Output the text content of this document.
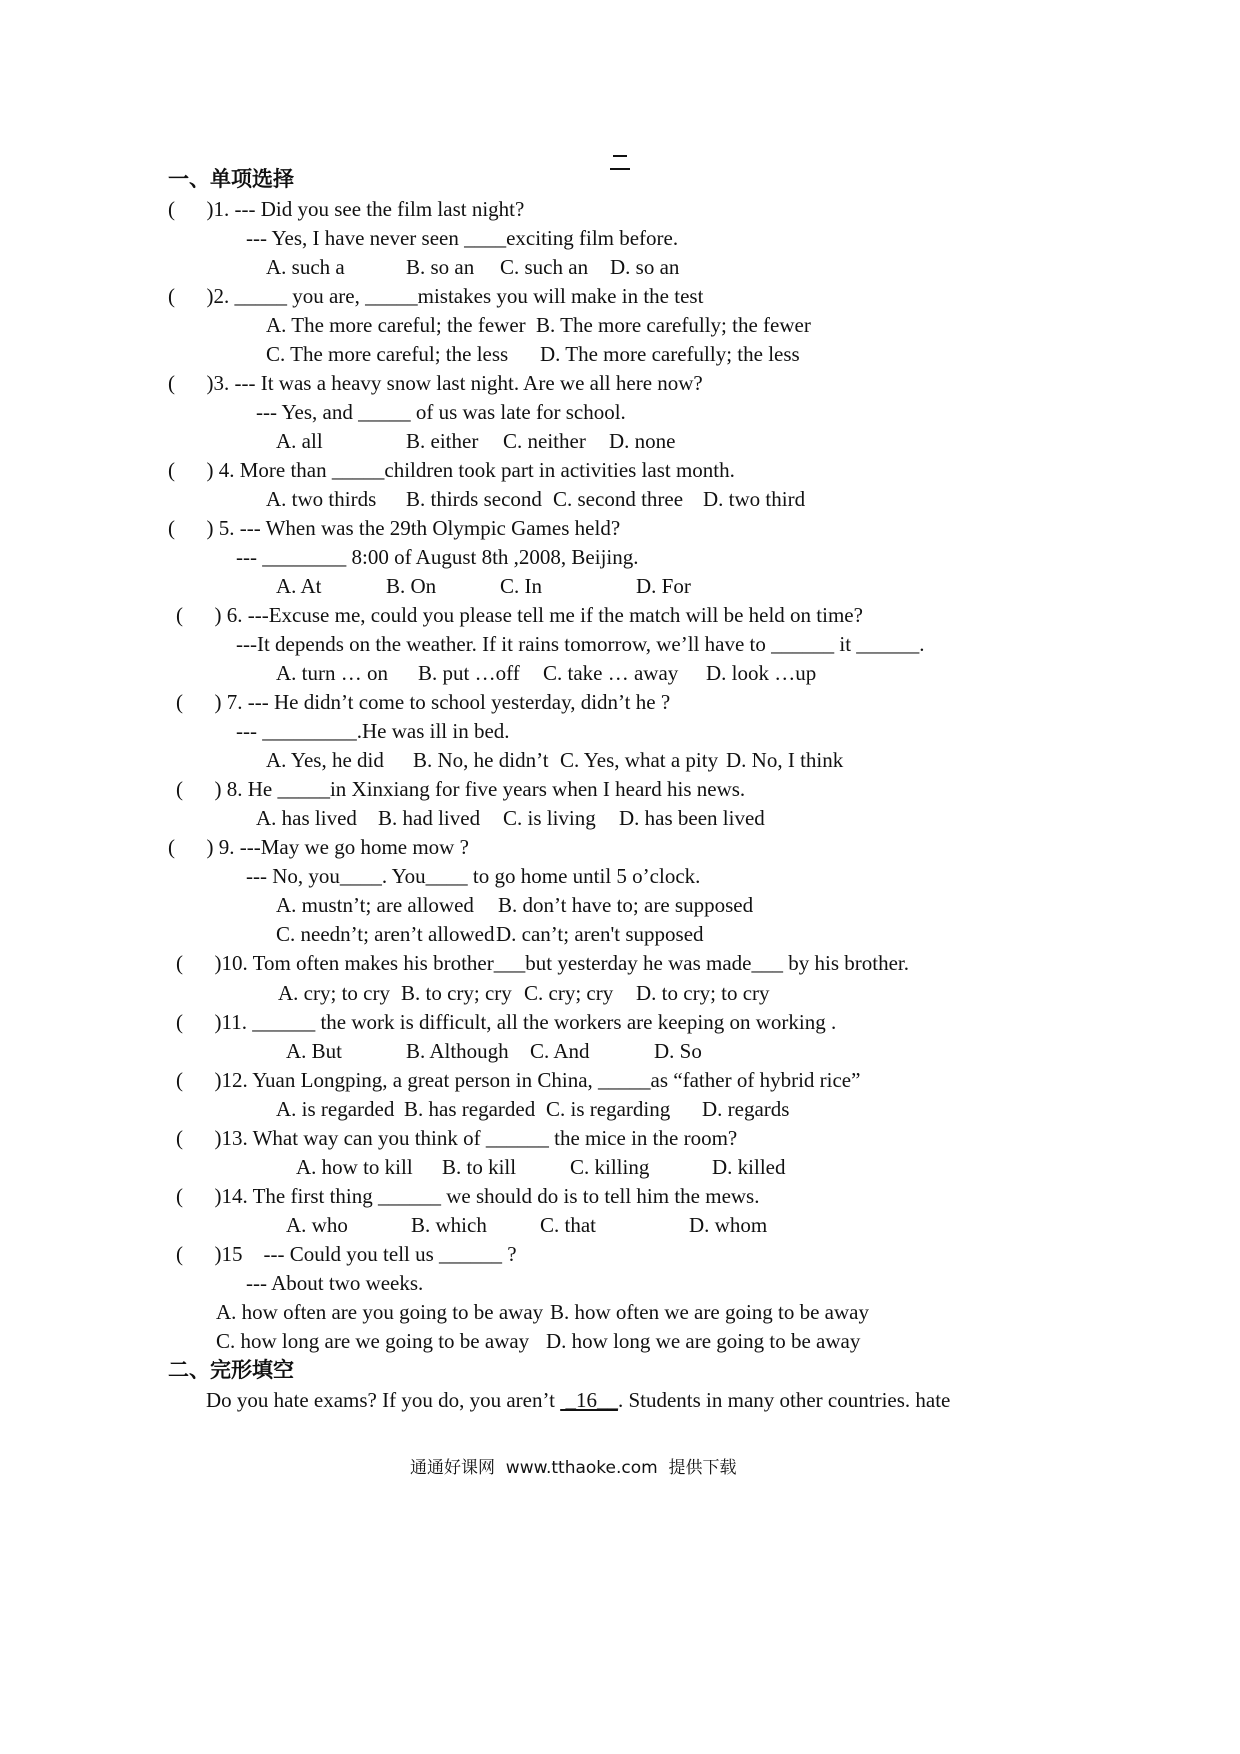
一、单项选择
(      )1. --- Did you see the film last night?
--- Yes, I have never seen ____exciting film before.
A. such a	B. so an C. such an D. so an
(      )2. _____ you are, _____mistakes you will make in the test
A. The more careful; the fewer B. The more carefully; the fewer
C. The more careful; the less D. The more carefully; the less
(      )3. --- It was a heavy snow last night. Are we all here now?
--- Yes, and _____ of us was late for school.
A. all	B. either C. neither D. none
(      ) 4. More than _____children took part in activities last month.
A. two thirds B. thirds second C. second three D. two third
(      ) 5. --- When was the 29th Olympic Games held?
--- ________ 8:00 of August 8th ,2008, Beijing.
A. At	B. On	C. In	D. For
(      ) 6. ---Excuse me, could you please tell me if the match will be held on time?
---It depends on the weather. If it rains tomorrow, we’ll have to ______ it ______.
A. turn … on B. put …off C. take … away D. look …up
(      ) 7. --- He didn’t come to school yesterday, didn’t he ?
--- _________.He was ill in bed.
A. Yes, he did B. No, he didn’t C. Yes, what a pity D. No, I think
(      ) 8. He _____in Xinxiang for five years when I heard his news.
A. has lived B. had lived C. is living D. has been lived
(      ) 9. ---May we go home mow ?
--- No, you____. You____ to go home until 5 o’clock.
A. mustn’t; are allowed B. don’t have to; are supposed
C. needn’t; aren’t allowed D. can’t; aren't supposed
(      )10. Tom often makes his brother___but yesterday he was made___ by his brother.
A. cry; to cry B. to cry; cry C. cry; cry D. to cry; to cry
(      )11. ______ the work is difficult, all the workers are keeping on working .
A. But	B. Although C. And	D. So
(      )12. Yuan Longping, a great person in China, _____as “father of hybrid rice”
A. is regarded B. has regarded C. is regarding D. regards
(      )13. What way can you think of ______ the mice in the room?
A. how to kill B. to kill	C. killing	D. killed
(      )14. The first thing ______ we should do is to tell him the mews.
A. who	B. which	C. that	D. whom
(      )15    --- Could you tell us ______ ?
--- About two weeks.
A. how often are you going to be away B. how often we are going to be away
C. how long are we going to be away D. how long we are going to be away
二、完形填空
Do you hate exams? If you do, you aren’t  _16__. Students in many other countries. hate
通通好课网  www.tthaoke.com  提供下载
